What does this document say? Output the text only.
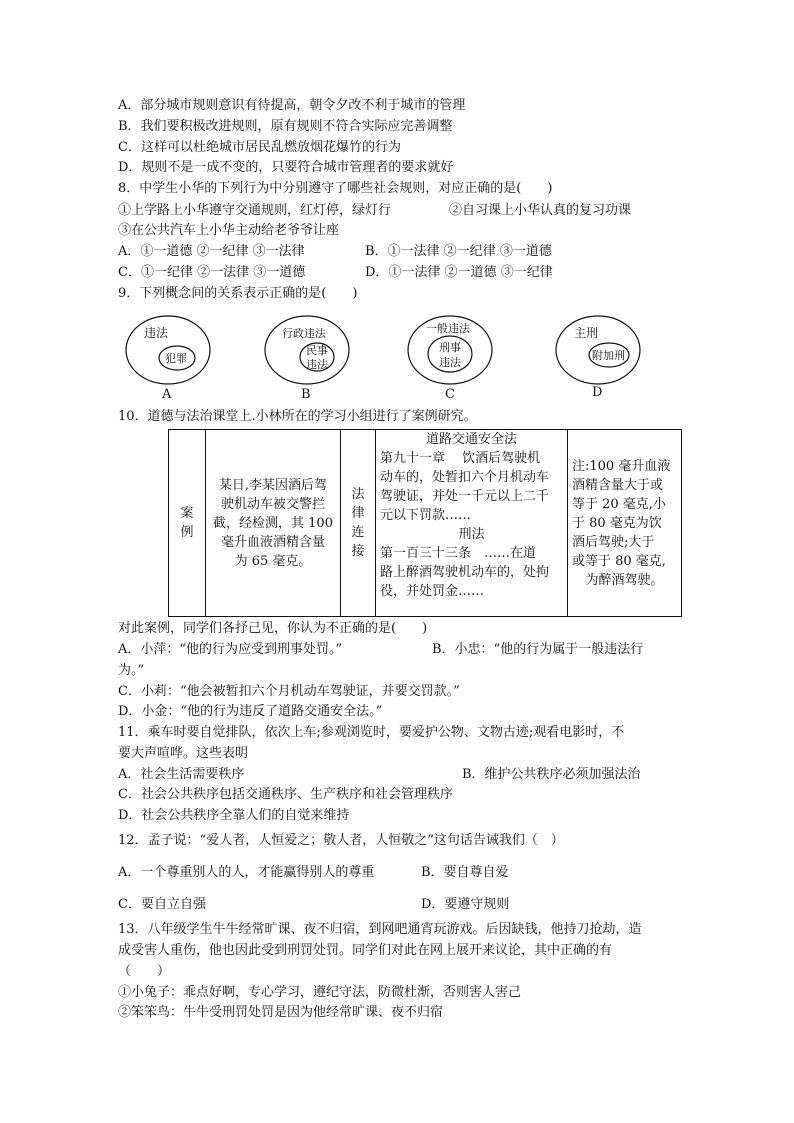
A．部分城市规则意识有待提高，朝令夕改不利于城市的管理
B．我们要积极改进规则，原有规则不符合实际应完善调整
C．这样可以杜绝城市居民乱燃放烟花爆竹的行为
D．规则不是一成不变的，只要符合城市管理者的要求就好
8．中学生小华的下列行为中分别遵守了哪些社会规则，对应正确的是(　　)
①上学路上小华遵守交通规则，红灯停，绿灯行	②自习课上小华认真的复习功课
③在公共汽车上小华主动给老爷爷让座
A．①一道德 ②一纪律 ③一法律	B．①一法律 ②一纪律 ③一道德
C．①一纪律 ②一法律 ③一道德	D．①一法律 ②一道德 ③一纪律
9．下列概念间的关系表示正确的是(　　)
违法
犯罪
A
行政违法
民事
违法
B
一般违法
刑事
违法
C
主刑
附加刑
D
10．道德与法治课堂上.小林所在的学习小组进行了案例研究。
案
例

某日,李某因酒后驾
驶机动车被交警拦
截，经检测，其 100
毫升血液酒精含量
为 65 毫克。

法
律
连
接

道路交通安全法
第九十一章　 饮酒后驾驶机
动车的，处暂扣六个月机动车
驾驶证，并处一千元以上二千
元以下罚款……
刑法
第一百三十三条　……在道
路上醉酒驾驶机动车的，处拘
役，并处罚金……

注:100 毫升血液
酒精含量大于或
等于 20 毫克,小
于 80 毫克为饮
酒后驾驶;大于
或等于 80 毫克,
为醉酒驾驶。
对此案例，同学们各抒己见，你认为不正确的是(　　)
A．小萍：“他的行为应受到刑事处罚。”	B．小忠：“他的行为属于一般违法行
为。”
C．小莉：“他会被暂扣六个月机动车驾驶证，并要交罚款。”
D．小金：“他的行为违反了道路交通安全法。”
11．乘车时要自觉排队，依次上车;参观浏览时，要爱护公物、文物古迹;观看电影时，不
要大声喧哗。这些表明
A．社会生活需要秩序	B．维护公共秩序必须加强法治
C．社会公共秩序包括交通秩序、生产秩序和社会管理秩序
D．社会公共秩序全靠人们的自觉来维持
12．孟子说：“爱人者，人恒爱之；敬人者，人恒敬之”这句话告诫我们（　）
A．一个尊重别人的人，才能赢得别人的尊重	B．要自尊自爱
C．要自立自强	D．要遵守规则
13．八年级学生牛牛经常旷课、夜不归宿，到网吧通宵玩游戏。后因缺钱，他持刀抢劫，造
成受害人重伤，他也因此受到刑罚处罚。同学们对此在网上展开来议论，其中正确的有
（　　）
①小兔子：乖点好啊，专心学习，遵纪守法，防微杜渐，否则害人害己
②笨笨鸟：牛牛受刑罚处罚是因为他经常旷课、夜不归宿
